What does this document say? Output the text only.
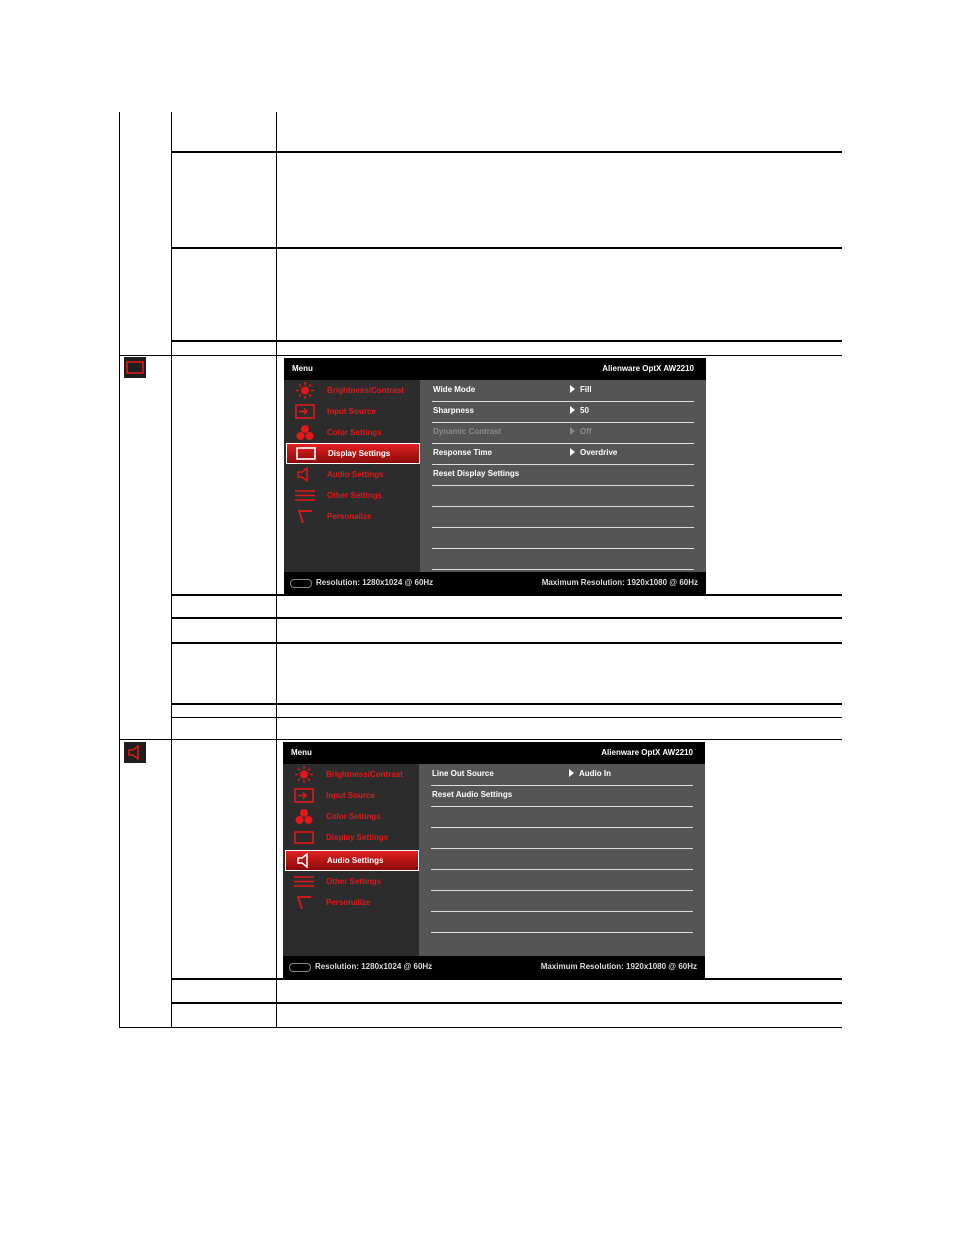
Menu	Alienware OptX AW2210
Brightness/Contrast
Input Source
Color Settings
Display Settings
Audio Settings
Other Settings
Personalize
Wide Mode	Fill
Sharpness	50
Dynamic Contrast	Off
Response Time	Overdrive
Reset Display Settings
Resolution: 1280x1024 @ 60Hz	Maximum Resolution: 1920x1080 @ 60Hz
Menu	Alienware OptX AW2210
Brightness/Contrast
Input Source
Color Settings
Display Settings
Audio Settings
Other Settings
Personalize
Line Out Source	Audio In
Reset Audio Settings
Resolution: 1280x1024 @ 60Hz	Maximum Resolution: 1920x1080 @ 60Hz
